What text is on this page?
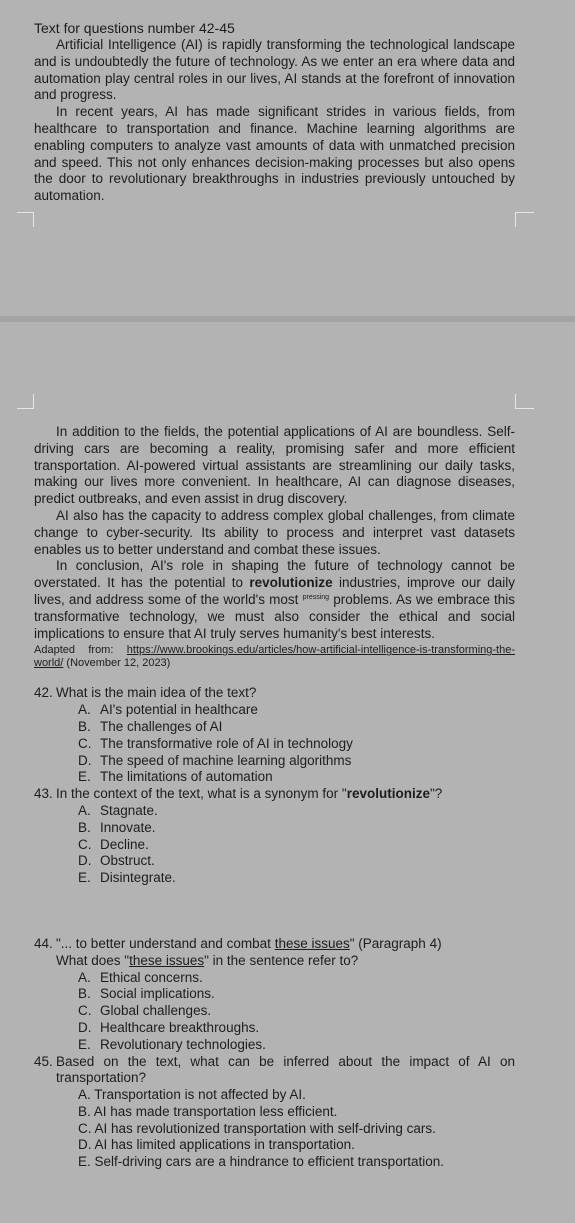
Text for questions number 42-45

Artificial Intelligence (AI) is rapidly transforming the technological landscape and is undoubtedly the future of technology. As we enter an era where data and automation play central roles in our lives, AI stands at the forefront of innovation and progress.

In recent years, AI has made significant strides in various fields, from healthcare to transportation and finance. Machine learning algorithms are enabling computers to analyze vast amounts of data with unmatched precision and speed. This not only enhances decision-making processes but also opens the door to revolutionary breakthroughs in industries previously untouched by automation.

In addition to the fields, the potential applications of AI are boundless. Self-driving cars are becoming a reality, promising safer and more efficient transportation. AI-powered virtual assistants are streamlining our daily tasks, making our lives more convenient. In healthcare, AI can diagnose diseases, predict outbreaks, and even assist in drug discovery.

AI also has the capacity to address complex global challenges, from climate change to cyber-security. Its ability to process and interpret vast datasets enables us to better understand and combat these issues.

In conclusion, AI's role in shaping the future of technology cannot be overstated. It has the potential to revolutionize industries, improve our daily lives, and address some of the world's most $^{pressing}$ problems. As we embrace this transformative technology, we must also consider the ethical and social implications to ensure that AI truly serves humanity's best interests.

Adapted from: https://www.brookings.edu/articles/how-artificial-intelligence-is-transforming-the-world/ (November 12, 2023)

42. What is the main idea of the text?
A. AI's potential in healthcare
B. The challenges of AI
C. The transformative role of AI in technology
D. The speed of machine learning algorithms
E. The limitations of automation
43. In the context of the text, what is a synonym for "revolutionize"?
A. Stagnate.
B. Innovate.
C. Decline.
D. Obstruct.
E. Disintegrate.
44. "... to better understand and combat these issues" (Paragraph 4)
What does "these issues" in the sentence refer to?
A. Ethical concerns.
B. Social implications.
C. Global challenges.
D. Healthcare breakthroughs.
E. Revolutionary technologies.
45. Based on the text, what can be inferred about the impact of AI on transportation?
A. Transportation is not affected by AI.
B. AI has made transportation less efficient.
C. AI has revolutionized transportation with self-driving cars.
D. AI has limited applications in transportation.
E. Self-driving cars are a hindrance to efficient transportation.
